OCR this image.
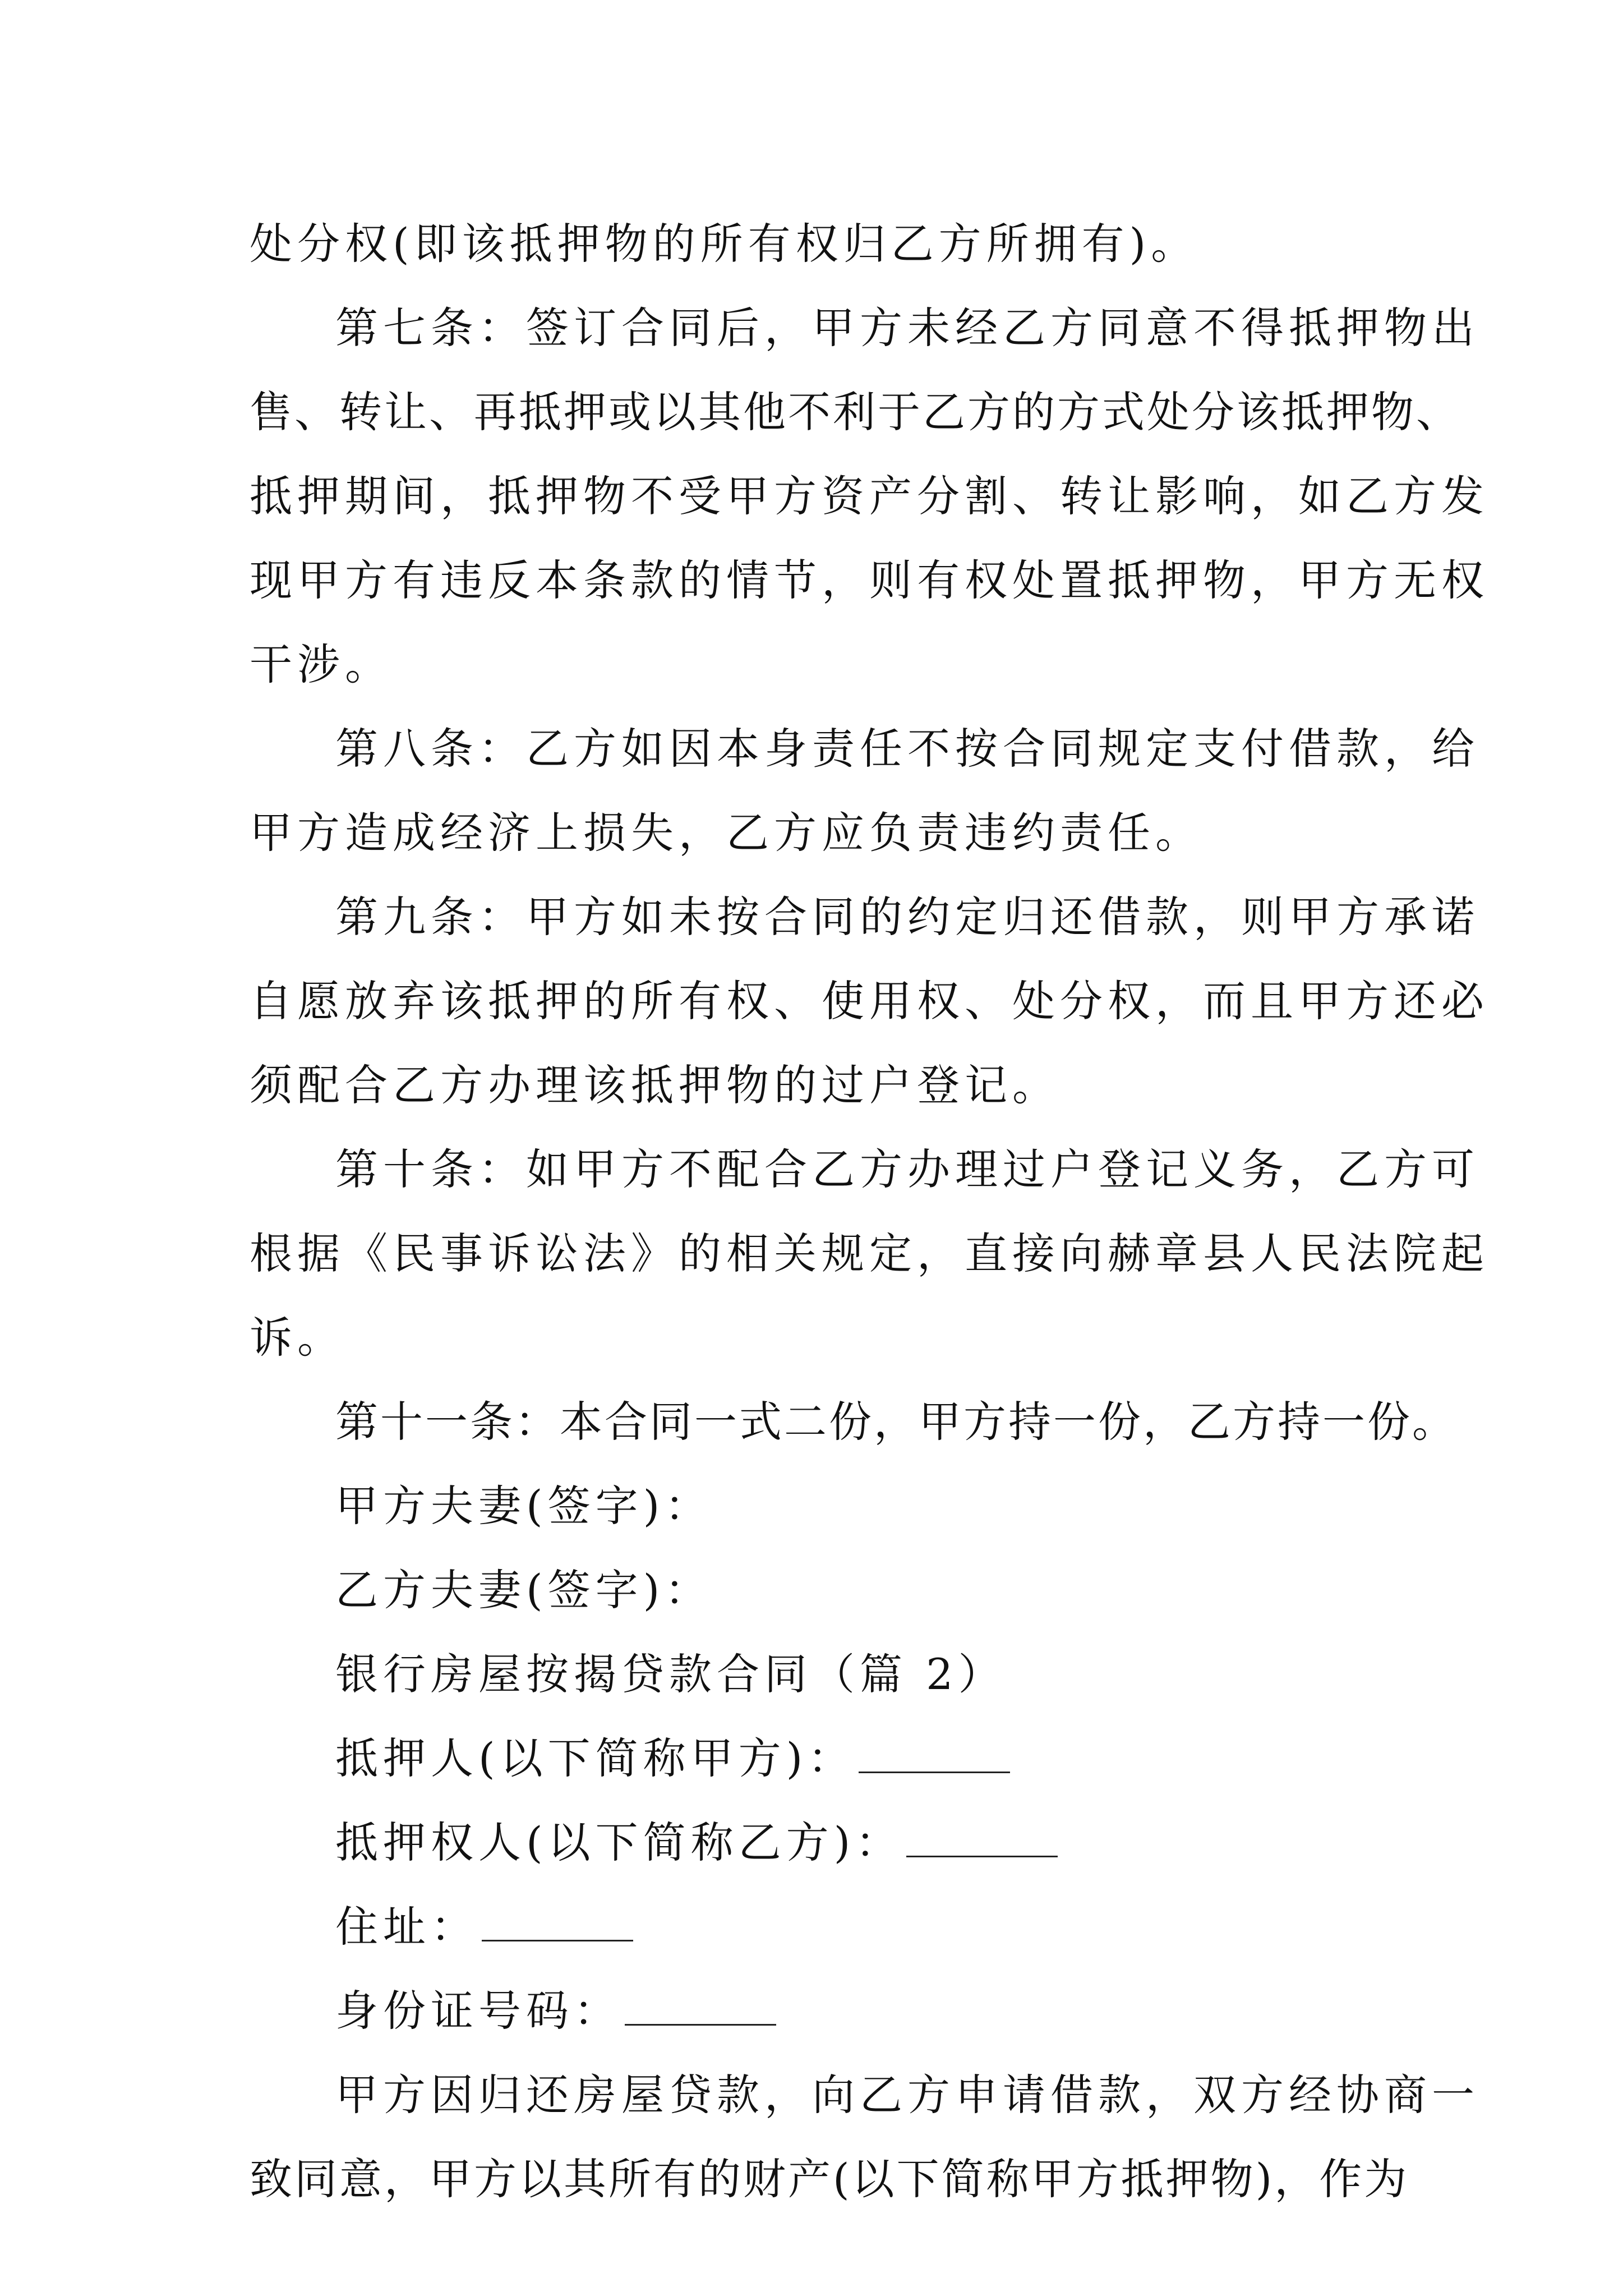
处分权(即该抵押物的所有权归乙方所拥有)。
第七条：签订合同后，甲方未经乙方同意不得抵押物出
售、转让、再抵押或以其他不利于乙方的方式处分该抵押物、
抵押期间，抵押物不受甲方资产分割、转让影响，如乙方发
现甲方有违反本条款的情节，则有权处置抵押物，甲方无权
干涉。
第八条：乙方如因本身责任不按合同规定支付借款，给
甲方造成经济上损失，乙方应负责违约责任。
第九条：甲方如未按合同的约定归还借款，则甲方承诺
自愿放弃该抵押的所有权、使用权、处分权，而且甲方还必
须配合乙方办理该抵押物的过户登记。
第十条：如甲方不配合乙方办理过户登记义务，乙方可
根据《民事诉讼法》的相关规定，直接向赫章县人民法院起
诉。
第十一条：本合同一式二份，甲方持一份，乙方持一份。
甲方夫妻(签字)：
乙方夫妻(签字)：
银行房屋按揭贷款合同（篇 2）
抵押人(以下简称甲方)：
抵押权人(以下简称乙方)：
住址：
身份证号码：
甲方因归还房屋贷款，向乙方申请借款，双方经协商一
致同意，甲方以其所有的财产(以下简称甲方抵押物)，作为
